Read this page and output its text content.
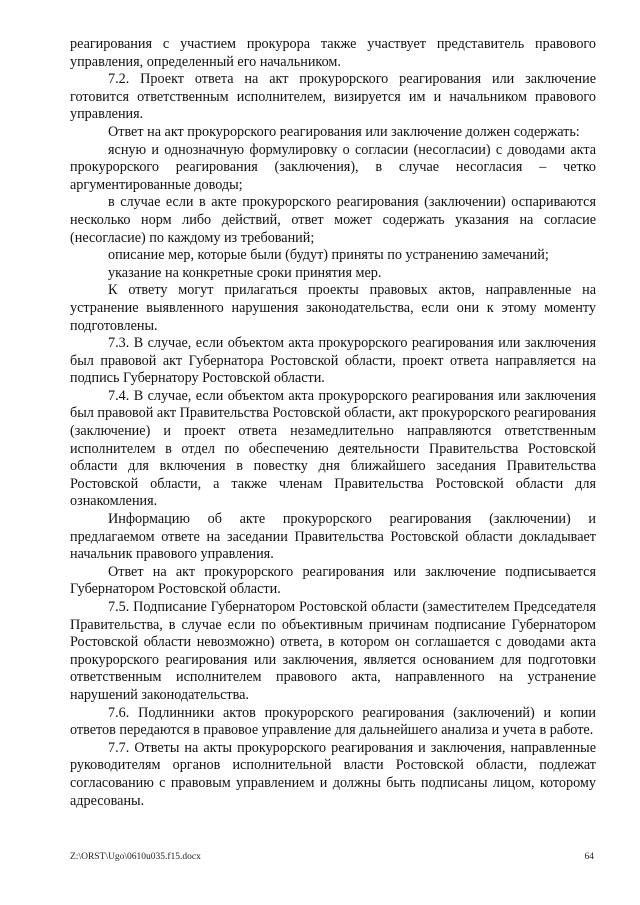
реагирования с участием прокурора также участвует представитель правового управления, определенный его начальником.

7.2. Проект ответа на акт прокурорского реагирования или заключение готовится ответственным исполнителем, визируется им и начальником правового управления.

Ответ на акт прокурорского реагирования или заключение должен содержать:

ясную и однозначную формулировку о согласии (несогласии) с доводами акта прокурорского реагирования (заключения), в случае несогласия – четко аргументированные доводы;

в случае если в акте прокурорского реагирования (заключении) оспариваются несколько норм либо действий, ответ может содержать указания на согласие (несогласие) по каждому из требований;

описание мер, которые были (будут) приняты по устранению замечаний;

указание на конкретные сроки принятия мер.

К ответу могут прилагаться проекты правовых актов, направленные на устранение выявленного нарушения законодательства, если они к этому моменту подготовлены.

7.3. В случае, если объектом акта прокурорского реагирования или заключения был правовой акт Губернатора Ростовской области, проект ответа направляется на подпись Губернатору Ростовской области.

7.4. В случае, если объектом акта прокурорского реагирования или заключения был правовой акт Правительства Ростовской области, акт прокурорского реагирования (заключение) и проект ответа незамедлительно направляются ответственным исполнителем в отдел по обеспечению деятельности Правительства Ростовской области для включения в повестку дня ближайшего заседания Правительства Ростовской области, а также членам Правительства Ростовской области для ознакомления.

Информацию об акте прокурорского реагирования (заключении) и предлагаемом ответе на заседании Правительства Ростовской области докладывает начальник правового управления.

Ответ на акт прокурорского реагирования или заключение подписывается Губернатором Ростовской области.

7.5. Подписание Губернатором Ростовской области (заместителем Председателя Правительства, в случае если по объективным причинам подписание Губернатором Ростовской области невозможно) ответа, в котором он соглашается с доводами акта прокурорского реагирования или заключения, является основанием для подготовки ответственным исполнителем правового акта, направленного на устранение нарушений законодательства.

7.6. Подлинники актов прокурорского реагирования (заключений) и копии ответов передаются в правовое управление для дальнейшего анализа и учета в работе.

7.7. Ответы на акты прокурорского реагирования и заключения, направленные руководителям органов исполнительной власти Ростовской области, подлежат согласованию с правовым управлением и должны быть подписаны лицом, которому адресованы.

Z:\ORST\Ugo\0610u035.f15.docx	64
